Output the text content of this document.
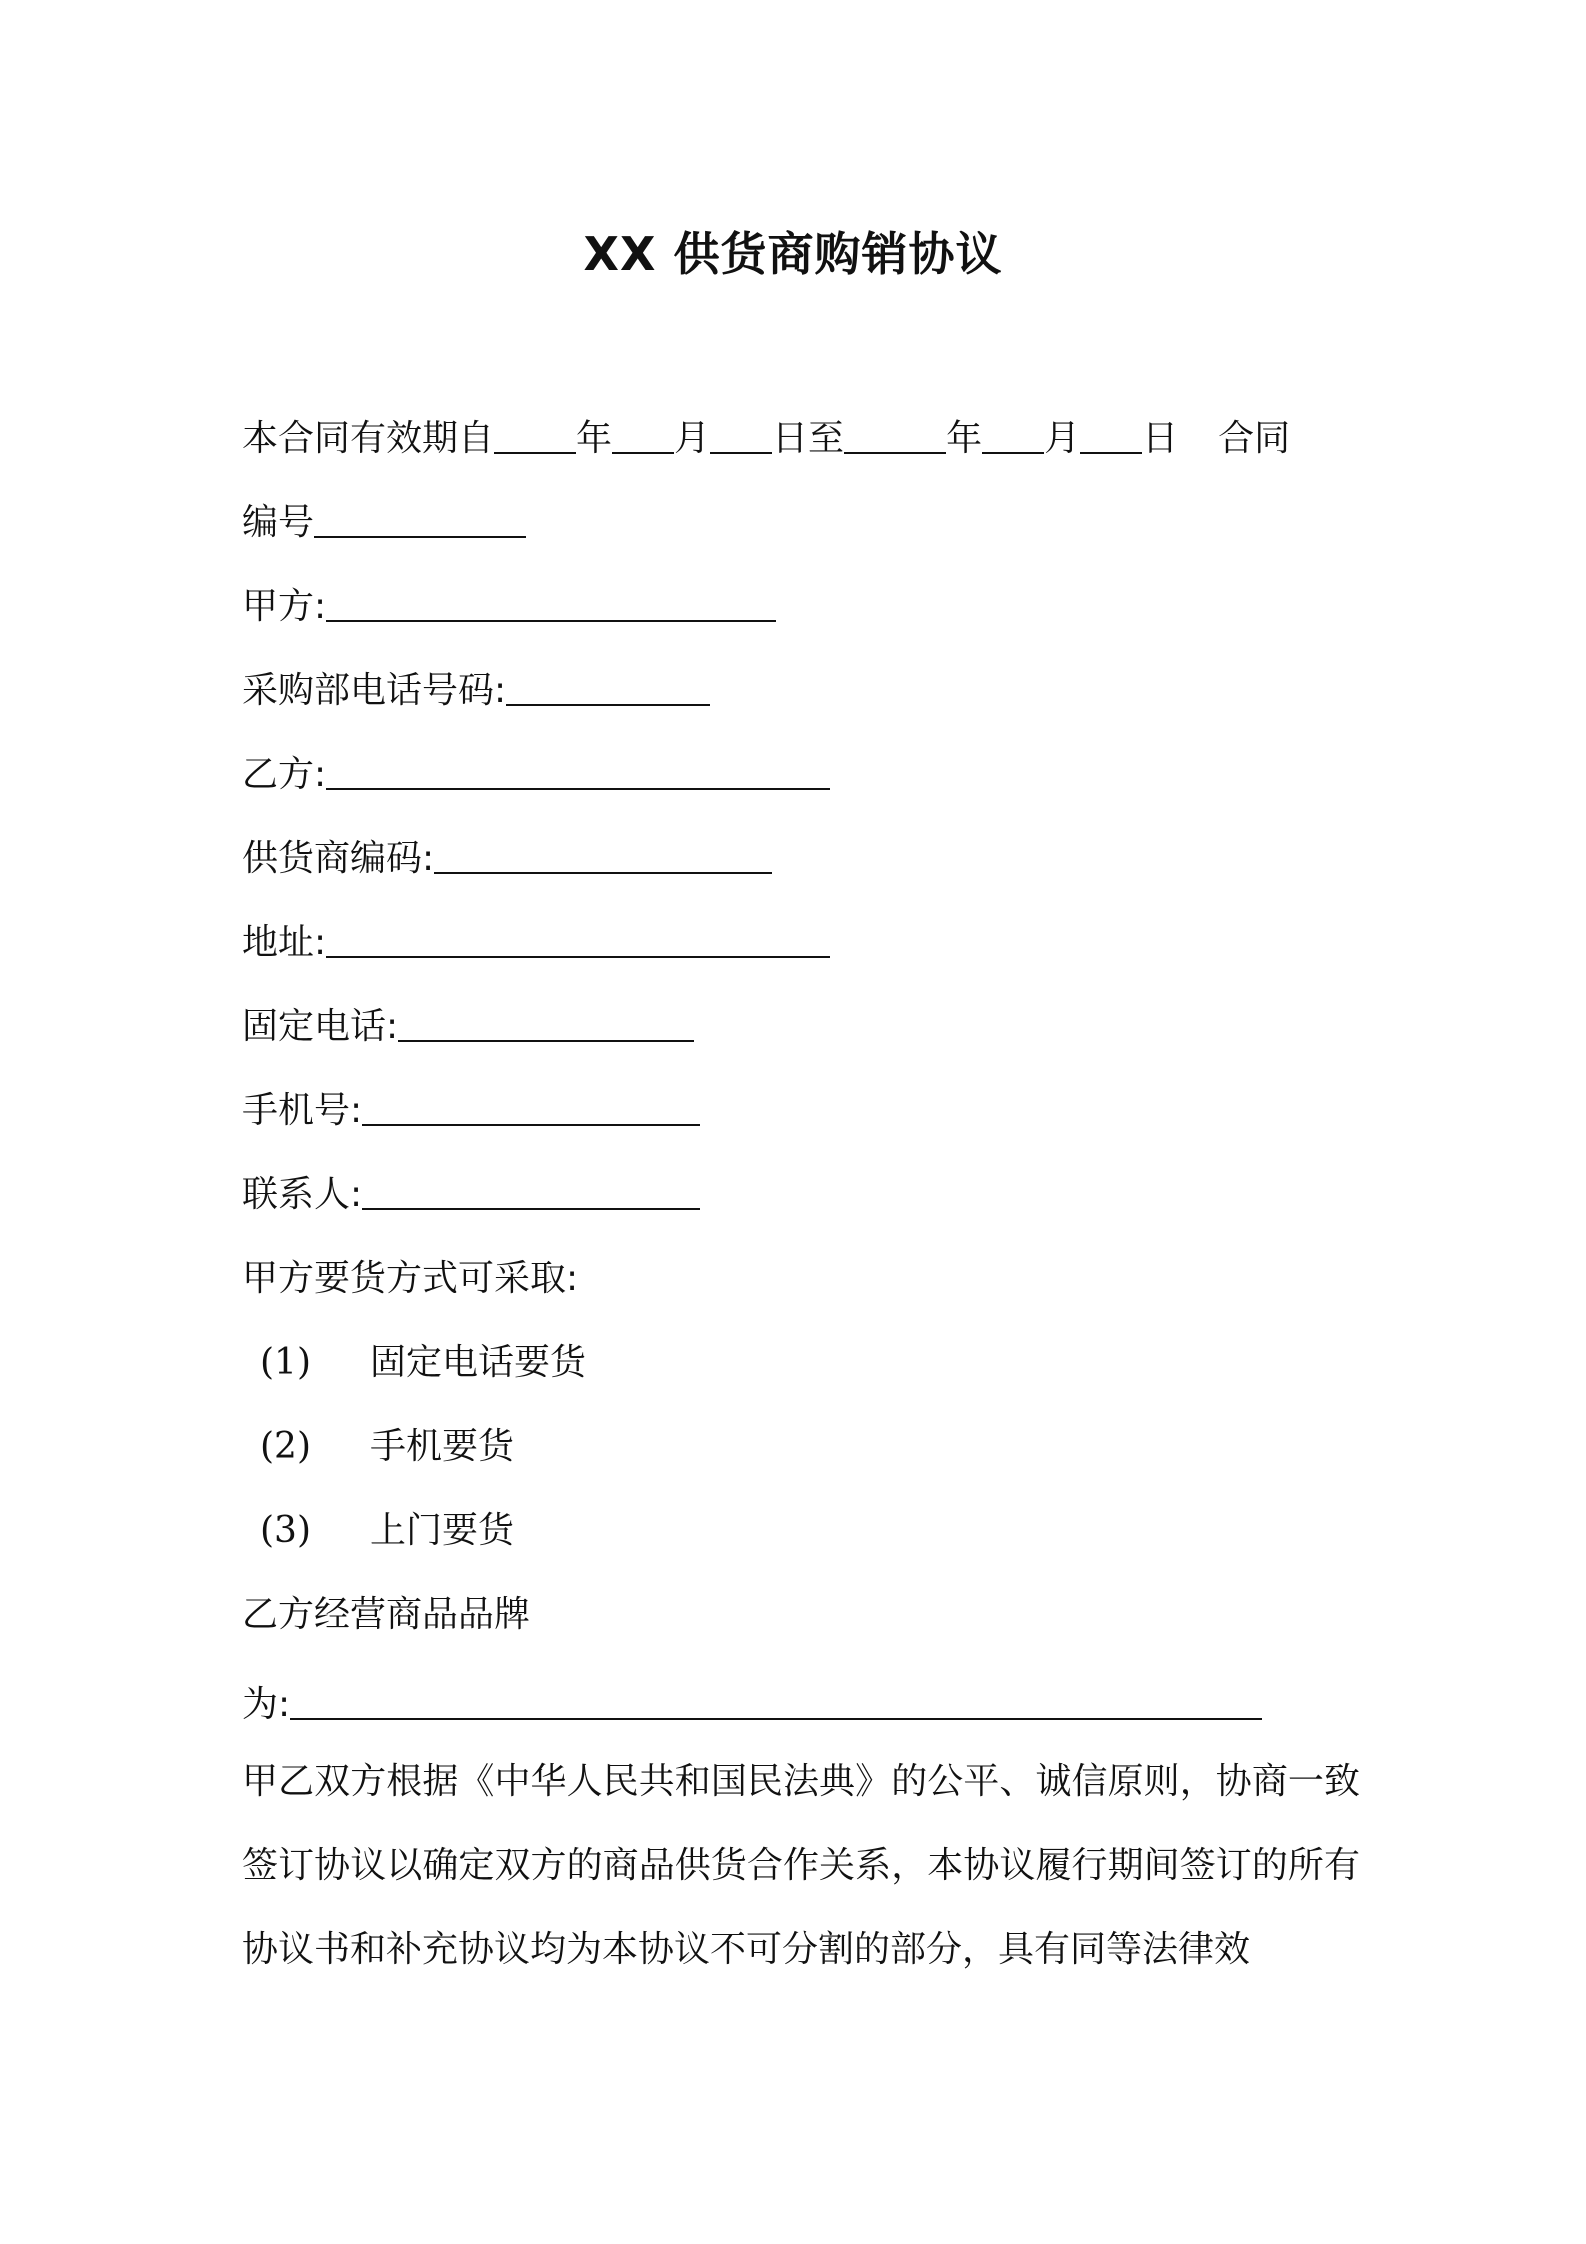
XX 供货商购销协议
本合同有效期自 年 月 日至	年 月 日 合同
编号
甲方:
采购部电话号码:
乙方:
供货商编码:
地址:
固定电话:
手机号:
联系人:
甲方要货方式可采取:
(1) 固定电话要货
(2) 手机要货
(3) 上门要货
乙方经营商品品牌
为:
甲乙双方根据《中华人民共和国民法典》的公平、诚信原则，协商一致签订协议以确定双方的商品供货合作关系，本协议履行期间签订的所有协议书和补充协议均为本协议不可分割的部分，具有同等法律效
